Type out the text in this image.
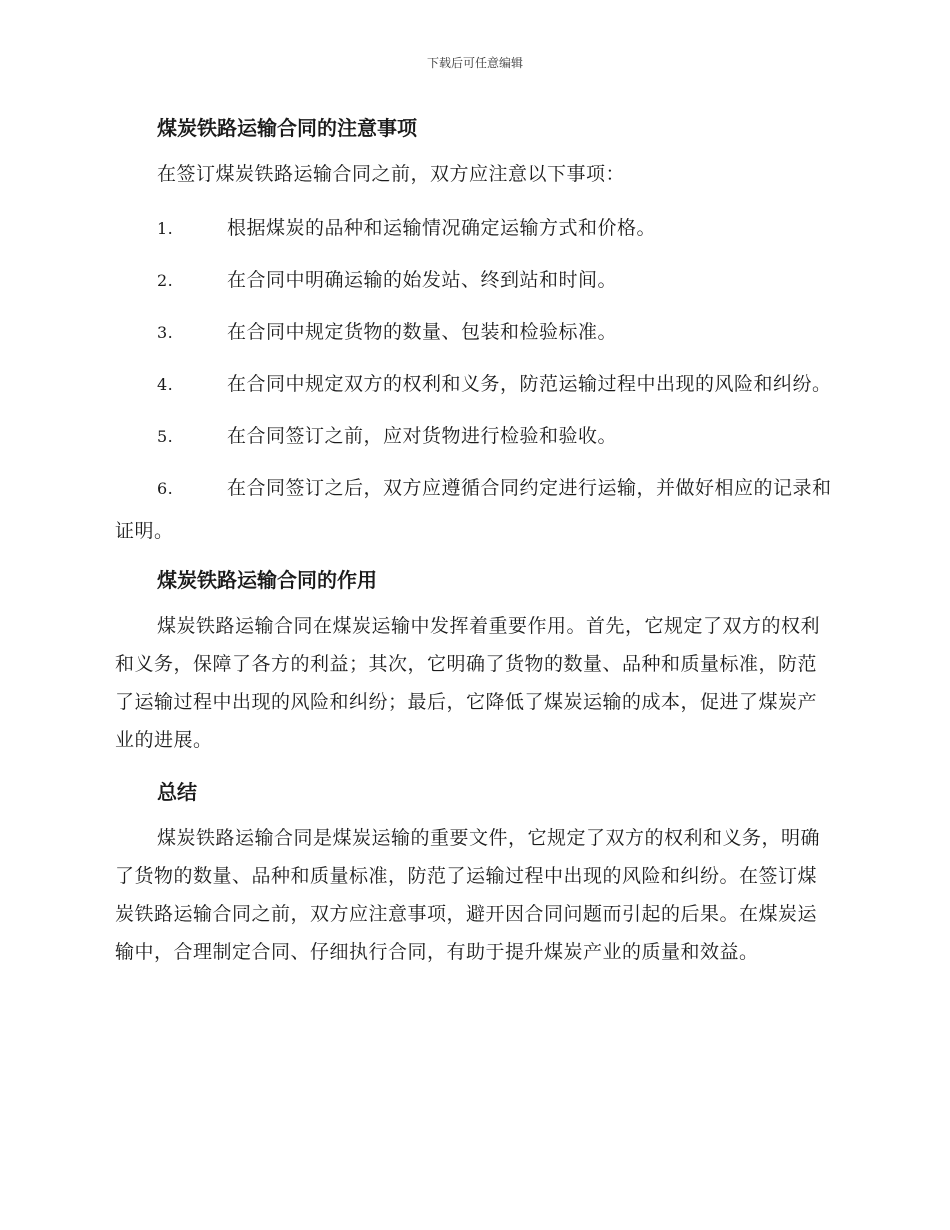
下载后可任意编辑
煤炭铁路运输合同的注意事项
在签订煤炭铁路运输合同之前，双方应注意以下事项：
1.	根据煤炭的品种和运输情况确定运输方式和价格。
2.	在合同中明确运输的始发站、终到站和时间。
3.	在合同中规定货物的数量、包装和检验标准。
4.	在合同中规定双方的权利和义务，防范运输过程中出现的风险和纠纷。
5.	在合同签订之前，应对货物进行检验和验收。
6.	在合同签订之后，双方应遵循合同约定进行运输，并做好相应的记录和证明。
煤炭铁路运输合同的作用
煤炭铁路运输合同在煤炭运输中发挥着重要作用。首先，它规定了双方的权利和义务，保障了各方的利益；其次，它明确了货物的数量、品种和质量标准，防范了运输过程中出现的风险和纠纷；最后，它降低了煤炭运输的成本，促进了煤炭产业的进展。
总结
煤炭铁路运输合同是煤炭运输的重要文件，它规定了双方的权利和义务，明确了货物的数量、品种和质量标准，防范了运输过程中出现的风险和纠纷。在签订煤炭铁路运输合同之前，双方应注意事项，避开因合同问题而引起的后果。在煤炭运输中，合理制定合同、仔细执行合同，有助于提升煤炭产业的质量和效益。
